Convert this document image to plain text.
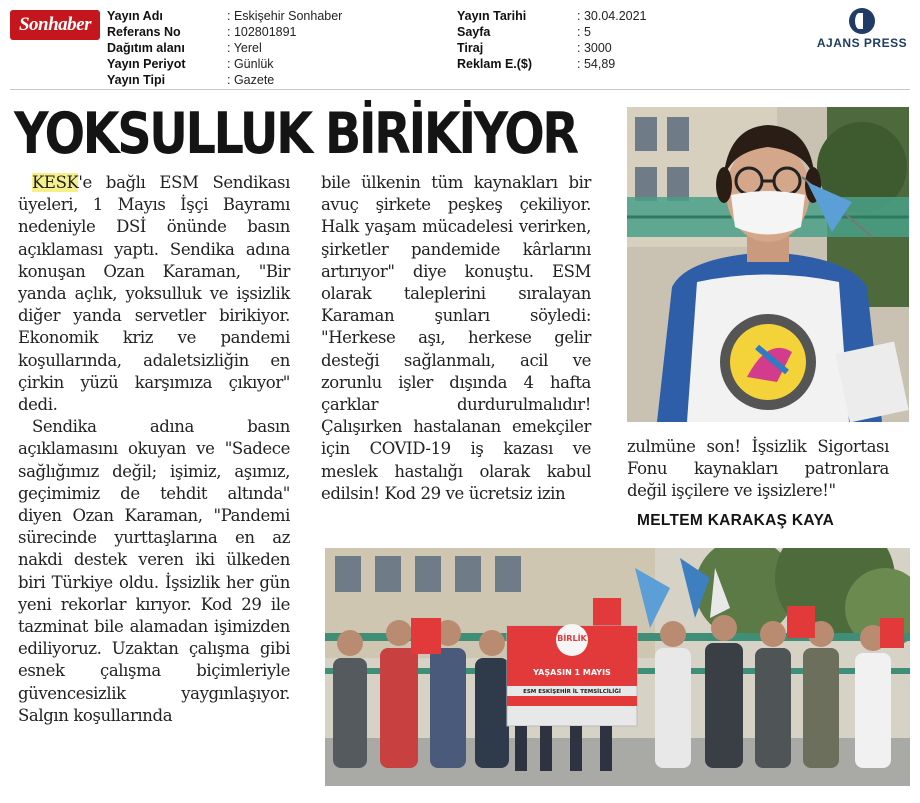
Sonhaber	Yayın Adı	: Eskişehir Sonhaber
Referans No	: 102801891
Dağıtım alanı	: Yerel
Yayın Periyot	: Günlük
Yayın Tipi	: Gazete
Yayın Tarihi	: 30.04.2021
Sayfa	: 5
Tiraj	: 3000
Reklam E.($)	: 54,89
AJANS PRESS
YOKSULLUK BİRİKİYOR

KESK'e bağlı ESM Sendikası üyeleri, 1 Mayıs İşçi Bayramı nedeniyle DSİ önünde basın açıklaması yaptı. Sendika adına konuşan Ozan Karaman, "Bir yanda açlık, yoksulluk ve işsizlik diğer yanda servetler birikiyor. Ekonomik kriz ve pandemi koşullarında, adaletsizliğin en çirkin yüzü karşımıza çıkıyor" dedi.

Sendika adına basın açıklamasını okuyan ve "Sadece sağlığımız değil; işimiz, aşımız, geçimimiz de tehdit altında" diyen Ozan Karaman, "Pandemi sürecinde yurttaşlarına en az nakdi destek veren iki ülkeden biri Türkiye oldu. İşsizlik her gün yeni rekorlar kırıyor. Kod 29 ile tazminat bile alamadan işimizden ediliyoruz. Uzaktan çalışma gibi esnek çalışma biçimleriyle güvencesizlik yaygınlaşıyor. Salgın koşullarında

bile ülkenin tüm kaynakları bir avuç şirkete peşkeş çekiliyor. Halk yaşam mücadelesi verirken, şirketler pandemide kârlarını artırıyor" diye konuştu. ESM olarak taleplerini sıralayan Karaman şunları söyledi: "Herkese aşı, herkese gelir desteği sağlanmalı, acil ve zorunlu işler dışında 4 hafta çarklar durdurulmalıdır! Çalışırken hastalanan emekçiler için COVID-19 iş kazası ve meslek hastalığı olarak kabul edilsin! Kod 29 ve ücretsiz izin

zulmüne son! İşsizlik Sigortası Fonu kaynakları patronlara değil işçilere ve işsizlere!"

MELTEM KARAKAŞ KAYA
BİRLİK
YAŞASIN 1 MAYIS
ESM ESKİŞEHİR İL TEMSİLCİLİĞİ
